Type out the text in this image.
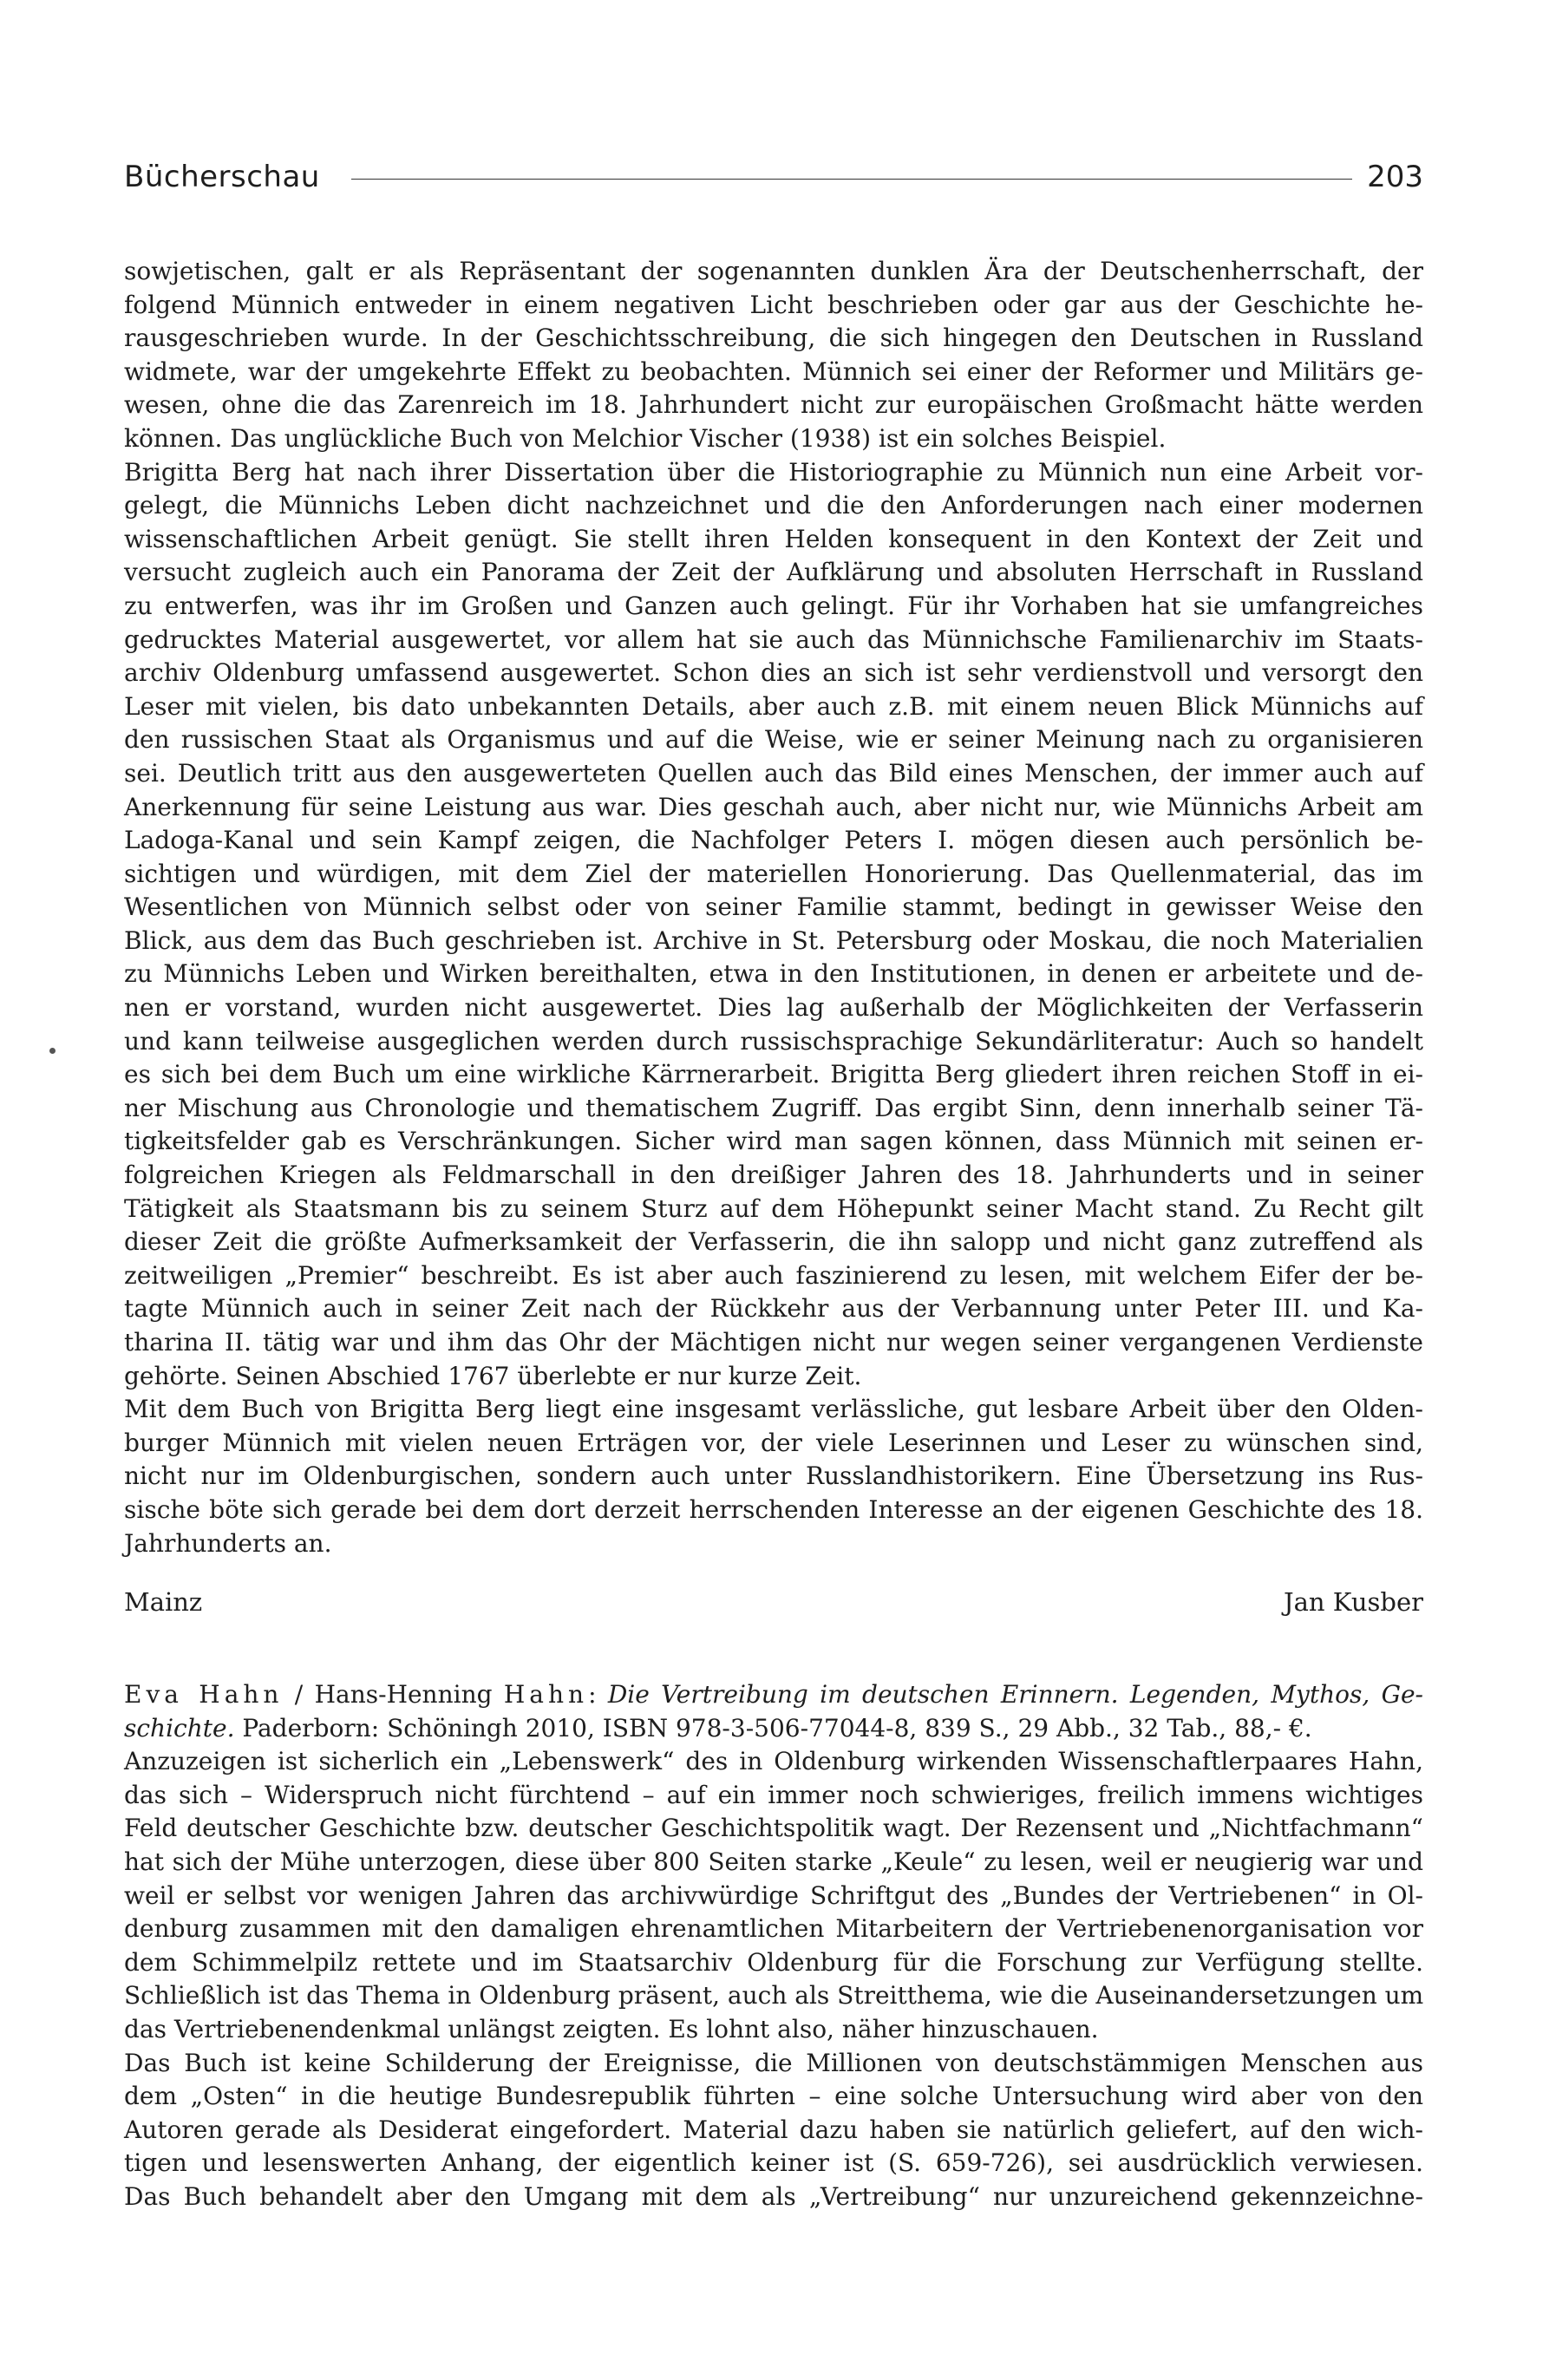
Bücherschau	203
sowjetischen, galt er als Repräsentant der sogenannten dunklen Ära der Deutschenherrschaft, der
folgend Münnich entweder in einem negativen Licht beschrieben oder gar aus der Geschichte he-
rausgeschrieben wurde. In der Geschichtsschreibung, die sich hingegen den Deutschen in Russland
widmete, war der umgekehrte Effekt zu beobachten. Münnich sei einer der Reformer und Militärs ge-
wesen, ohne die das Zarenreich im 18. Jahrhundert nicht zur europäischen Großmacht hätte werden
können. Das unglückliche Buch von Melchior Vischer (1938) ist ein solches Beispiel.
Brigitta Berg hat nach ihrer Dissertation über die Historiographie zu Münnich nun eine Arbeit vor-
gelegt, die Münnichs Leben dicht nachzeichnet und die den Anforderungen nach einer modernen
wissenschaftlichen Arbeit genügt. Sie stellt ihren Helden konsequent in den Kontext der Zeit und
versucht zugleich auch ein Panorama der Zeit der Aufklärung und absoluten Herrschaft in Russland
zu entwerfen, was ihr im Großen und Ganzen auch gelingt. Für ihr Vorhaben hat sie umfangreiches
gedrucktes Material ausgewertet, vor allem hat sie auch das Münnichsche Familienarchiv im Staats-
archiv Oldenburg umfassend ausgewertet. Schon dies an sich ist sehr verdienstvoll und versorgt den
Leser mit vielen, bis dato unbekannten Details, aber auch z.B. mit einem neuen Blick Münnichs auf
den russischen Staat als Organismus und auf die Weise, wie er seiner Meinung nach zu organisieren
sei. Deutlich tritt aus den ausgewerteten Quellen auch das Bild eines Menschen, der immer auch auf
Anerkennung für seine Leistung aus war. Dies geschah auch, aber nicht nur, wie Münnichs Arbeit am
Ladoga-Kanal und sein Kampf zeigen, die Nachfolger Peters I. mögen diesen auch persönlich be-
sichtigen und würdigen, mit dem Ziel der materiellen Honorierung. Das Quellenmaterial, das im
Wesentlichen von Münnich selbst oder von seiner Familie stammt, bedingt in gewisser Weise den
Blick, aus dem das Buch geschrieben ist. Archive in St. Petersburg oder Moskau, die noch Materialien
zu Münnichs Leben und Wirken bereithalten, etwa in den Institutionen, in denen er arbeitete und de-
nen er vorstand, wurden nicht ausgewertet. Dies lag außerhalb der Möglichkeiten der Verfasserin
und kann teilweise ausgeglichen werden durch russischsprachige Sekundärliteratur: Auch so handelt
es sich bei dem Buch um eine wirkliche Kärrnerarbeit. Brigitta Berg gliedert ihren reichen Stoff in ei-
ner Mischung aus Chronologie und thematischem Zugriff. Das ergibt Sinn, denn innerhalb seiner Tä-
tigkeitsfelder gab es Verschränkungen. Sicher wird man sagen können, dass Münnich mit seinen er-
folgreichen Kriegen als Feldmarschall in den dreißiger Jahren des 18. Jahrhunderts und in seiner
Tätigkeit als Staatsmann bis zu seinem Sturz auf dem Höhepunkt seiner Macht stand. Zu Recht gilt
dieser Zeit die größte Aufmerksamkeit der Verfasserin, die ihn salopp und nicht ganz zutreffend als
zeitweiligen „Premier“ beschreibt. Es ist aber auch faszinierend zu lesen, mit welchem Eifer der be-
tagte Münnich auch in seiner Zeit nach der Rückkehr aus der Verbannung unter Peter III. und Ka-
tharina II. tätig war und ihm das Ohr der Mächtigen nicht nur wegen seiner vergangenen Verdienste
gehörte. Seinen Abschied 1767 überlebte er nur kurze Zeit.
Mit dem Buch von Brigitta Berg liegt eine insgesamt verlässliche, gut lesbare Arbeit über den Olden-
burger Münnich mit vielen neuen Erträgen vor, der viele Leserinnen und Leser zu wünschen sind,
nicht nur im Oldenburgischen, sondern auch unter Russlandhistorikern. Eine Übersetzung ins Rus-
sische böte sich gerade bei dem dort derzeit herrschenden Interesse an der eigenen Geschichte des 18.
Jahrhunderts an.
Mainz	Jan Kusber
Eva Hahn / Hans-Henning Hahn: Die Vertreibung im deutschen Erinnern. Legenden, Mythos, Ge-
schichte. Paderborn: Schöningh 2010, ISBN 978-3-506-77044-8, 839 S., 29 Abb., 32 Tab., 88,- €.
Anzuzeigen ist sicherlich ein „Lebenswerk“ des in Oldenburg wirkenden Wissenschaftlerpaares Hahn,
das sich – Widerspruch nicht fürchtend – auf ein immer noch schwieriges, freilich immens wichtiges
Feld deutscher Geschichte bzw. deutscher Geschichtspolitik wagt. Der Rezensent und „Nichtfachmann“
hat sich der Mühe unterzogen, diese über 800 Seiten starke „Keule“ zu lesen, weil er neugierig war und
weil er selbst vor wenigen Jahren das archivwürdige Schriftgut des „Bundes der Vertriebenen“ in Ol-
denburg zusammen mit den damaligen ehrenamtlichen Mitarbeitern der Vertriebenenorganisation vor
dem Schimmelpilz rettete und im Staatsarchiv Oldenburg für die Forschung zur Verfügung stellte.
Schließlich ist das Thema in Oldenburg präsent, auch als Streitthema, wie die Auseinandersetzungen um
das Vertriebenendenkmal unlängst zeigten. Es lohnt also, näher hinzuschauen.
Das Buch ist keine Schilderung der Ereignisse, die Millionen von deutschstämmigen Menschen aus
dem „Osten“ in die heutige Bundesrepublik führten – eine solche Untersuchung wird aber von den
Autoren gerade als Desiderat eingefordert. Material dazu haben sie natürlich geliefert, auf den wich-
tigen und lesenswerten Anhang, der eigentlich keiner ist (S. 659-726), sei ausdrücklich verwiesen.
Das Buch behandelt aber den Umgang mit dem als „Vertreibung“ nur unzureichend gekennzeichne-
